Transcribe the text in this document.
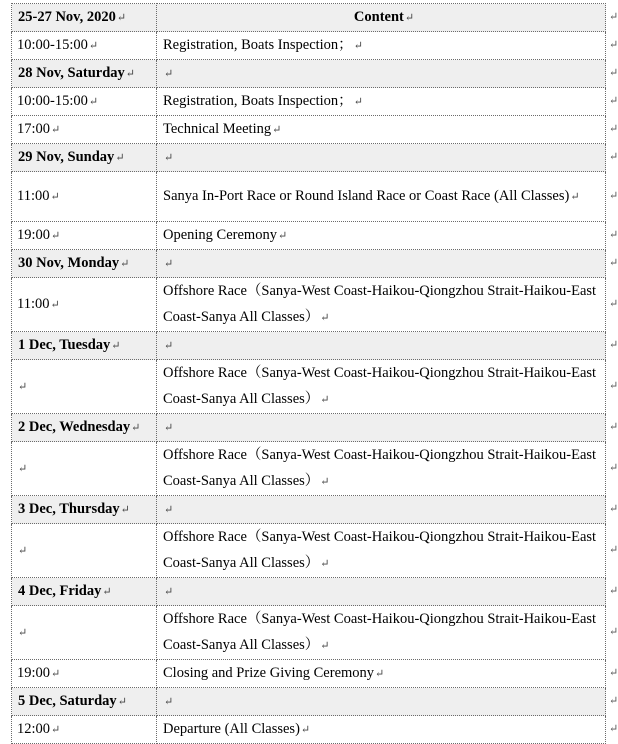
25-27 Nov, 2020↵	Content↵
10:00-15:00↵	Registration, Boats Inspection；↵
28 Nov, Saturday↵	↵
10:00-15:00↵	Registration, Boats Inspection；↵
17:00↵	Technical Meeting↵
29 Nov, Sunday↵	↵
11:00↵	Sanya In-Port Race or Round Island Race or Coast Race (All Classes)↵
19:00↵	Opening Ceremony↵
30 Nov, Monday↵	↵
11:00↵	Offshore Race（Sanya-West Coast-Haikou-Qiongzhou Strait-Haikou-East Coast-Sanya All Classes）↵
1 Dec, Tuesday↵	↵
↵	Offshore Race（Sanya-West Coast-Haikou-Qiongzhou Strait-Haikou-East Coast-Sanya All Classes）↵
2 Dec, Wednesday↵	↵
↵	Offshore Race（Sanya-West Coast-Haikou-Qiongzhou Strait-Haikou-East Coast-Sanya All Classes）↵
3 Dec, Thursday↵	↵
↵	Offshore Race（Sanya-West Coast-Haikou-Qiongzhou Strait-Haikou-East Coast-Sanya All Classes）↵
4 Dec, Friday↵	↵
↵	Offshore Race（Sanya-West Coast-Haikou-Qiongzhou Strait-Haikou-East Coast-Sanya All Classes）↵
19:00↵	Closing and Prize Giving Ceremony↵
5 Dec, Saturday↵	↵
12:00↵	Departure (All Classes)↵
↵
↵
↵
↵
↵
↵
↵
↵
↵
↵
↵
↵
↵
↵
↵
↵
↵
↵
↵
↵
↵
